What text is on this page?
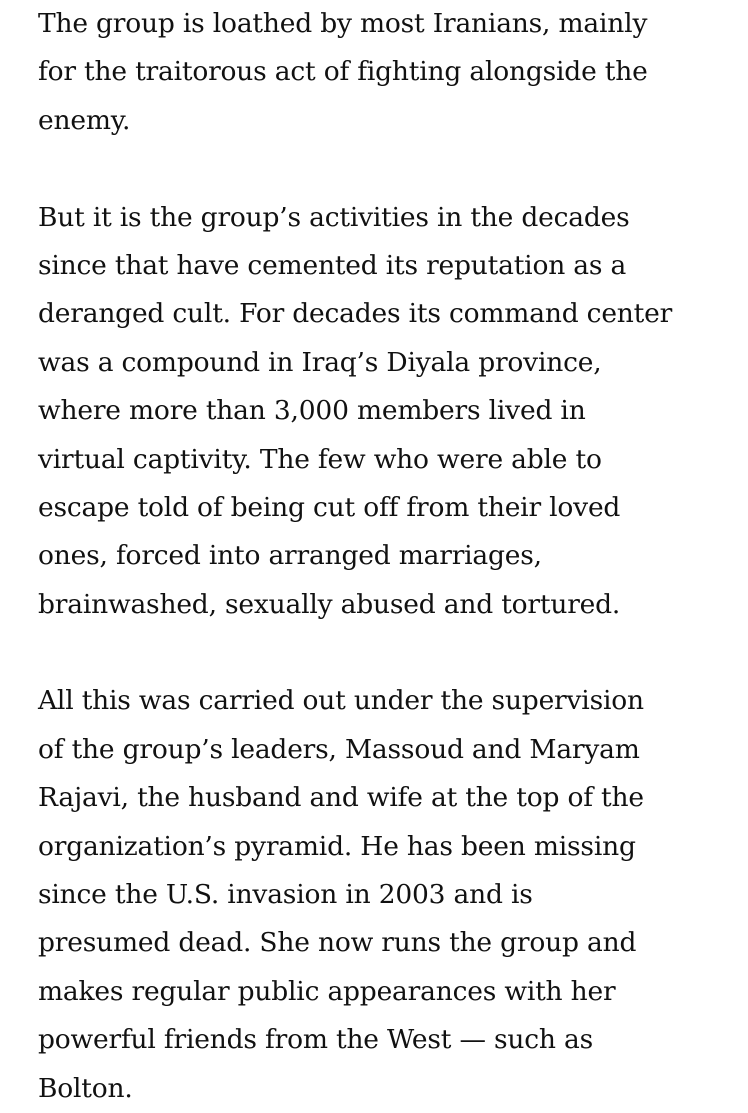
The group is loathed by most Iranians, mainly
for the traitorous act of fighting alongside the
enemy.

But it is the group’s activities in the decades
since that have cemented its reputation as a
deranged cult. For decades its command center
was a compound in Iraq’s Diyala province,
where more than 3,000 members lived in
virtual captivity. The few who were able to
escape told of being cut off from their loved
ones, forced into arranged marriages,
brainwashed, sexually abused and tortured.

All this was carried out under the supervision
of the group’s leaders, Massoud and Maryam
Rajavi, the husband and wife at the top of the
organization’s pyramid. He has been missing
since the U.S. invasion in 2003 and is
presumed dead. She now runs the group and
makes regular public appearances with her
powerful friends from the West — such as
Bolton.
